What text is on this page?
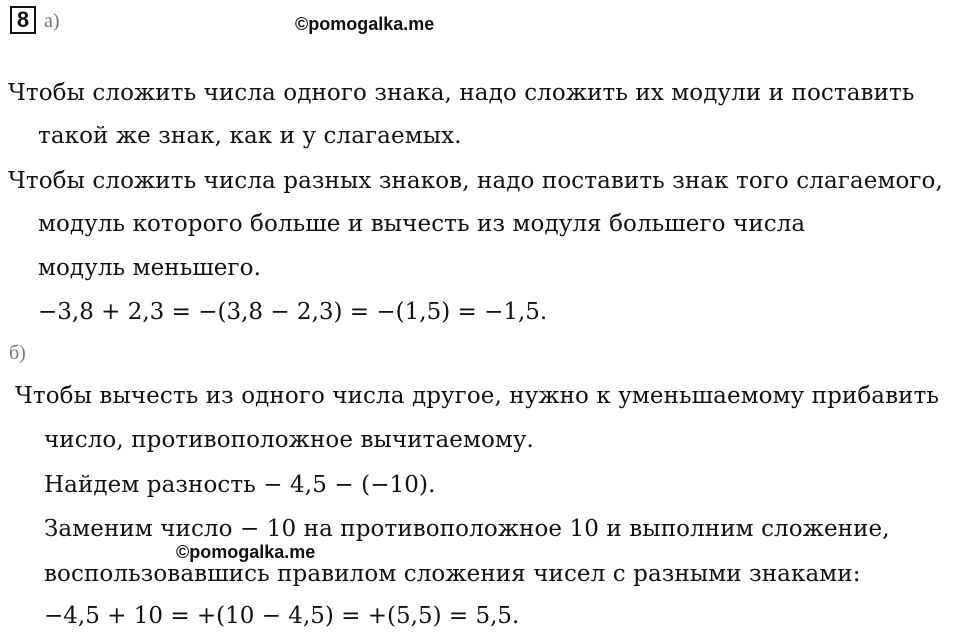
8 а)	©pomogalka.me
Чтобы сложить числа одного знака, надо сложить их модули и поставить
такой же знак, как и у слагаемых.
Чтобы сложить числа разных знаков, надо поставить знак того слагаемого,
модуль которого больше и вычесть из модуля большего числа
модуль меньшего.
−3,8 + 2,3 = −(3,8 − 2,3) = −(1,5) = −1,5.
б)
Чтобы вычесть из одного числа другое, нужно к уменьшаемому прибавить
число, противоположное вычитаемому.
Найдем разность − 4,5 − (−10).
Заменим число − 10 на противоположное 10 и выполним сложение,
©pomogalka.me
воспользовавшись правилом сложения чисел с разными знаками:
−4,5 + 10 = +(10 − 4,5) = +(5,5) = 5,5.
